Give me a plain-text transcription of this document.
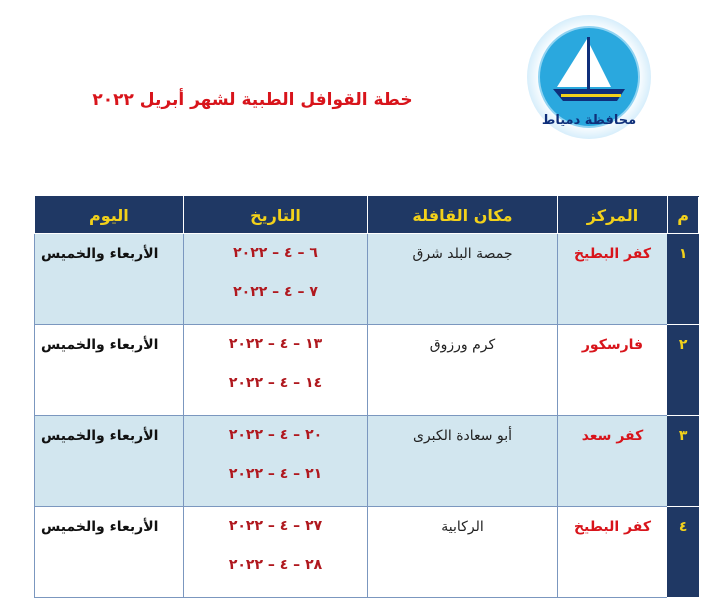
محافظة دمياط
خطة القوافل الطبية لشهر أبريل ٢٠٢٢
م	المركز	مكان القافلة	التاريخ	اليوم
١	كفر البطيخ	جمصة البلد شرق	٦ – ٤ – ٢٠٢٢
٧ – ٤ – ٢٠٢٢	الأربعاء والخميس
٢	فارسكور	كرم ورزوق	١٣ – ٤ – ٢٠٢٢
١٤ – ٤ – ٢٠٢٢	الأربعاء والخميس
٣	كفر سعد	أبو سعادة الكبرى	٢٠ – ٤ – ٢٠٢٢
٢١ – ٤ – ٢٠٢٢	الأربعاء والخميس
٤	كفر البطيخ	الركابية	٢٧ – ٤ – ٢٠٢٢
٢٨ – ٤ – ٢٠٢٢	الأربعاء والخميس
